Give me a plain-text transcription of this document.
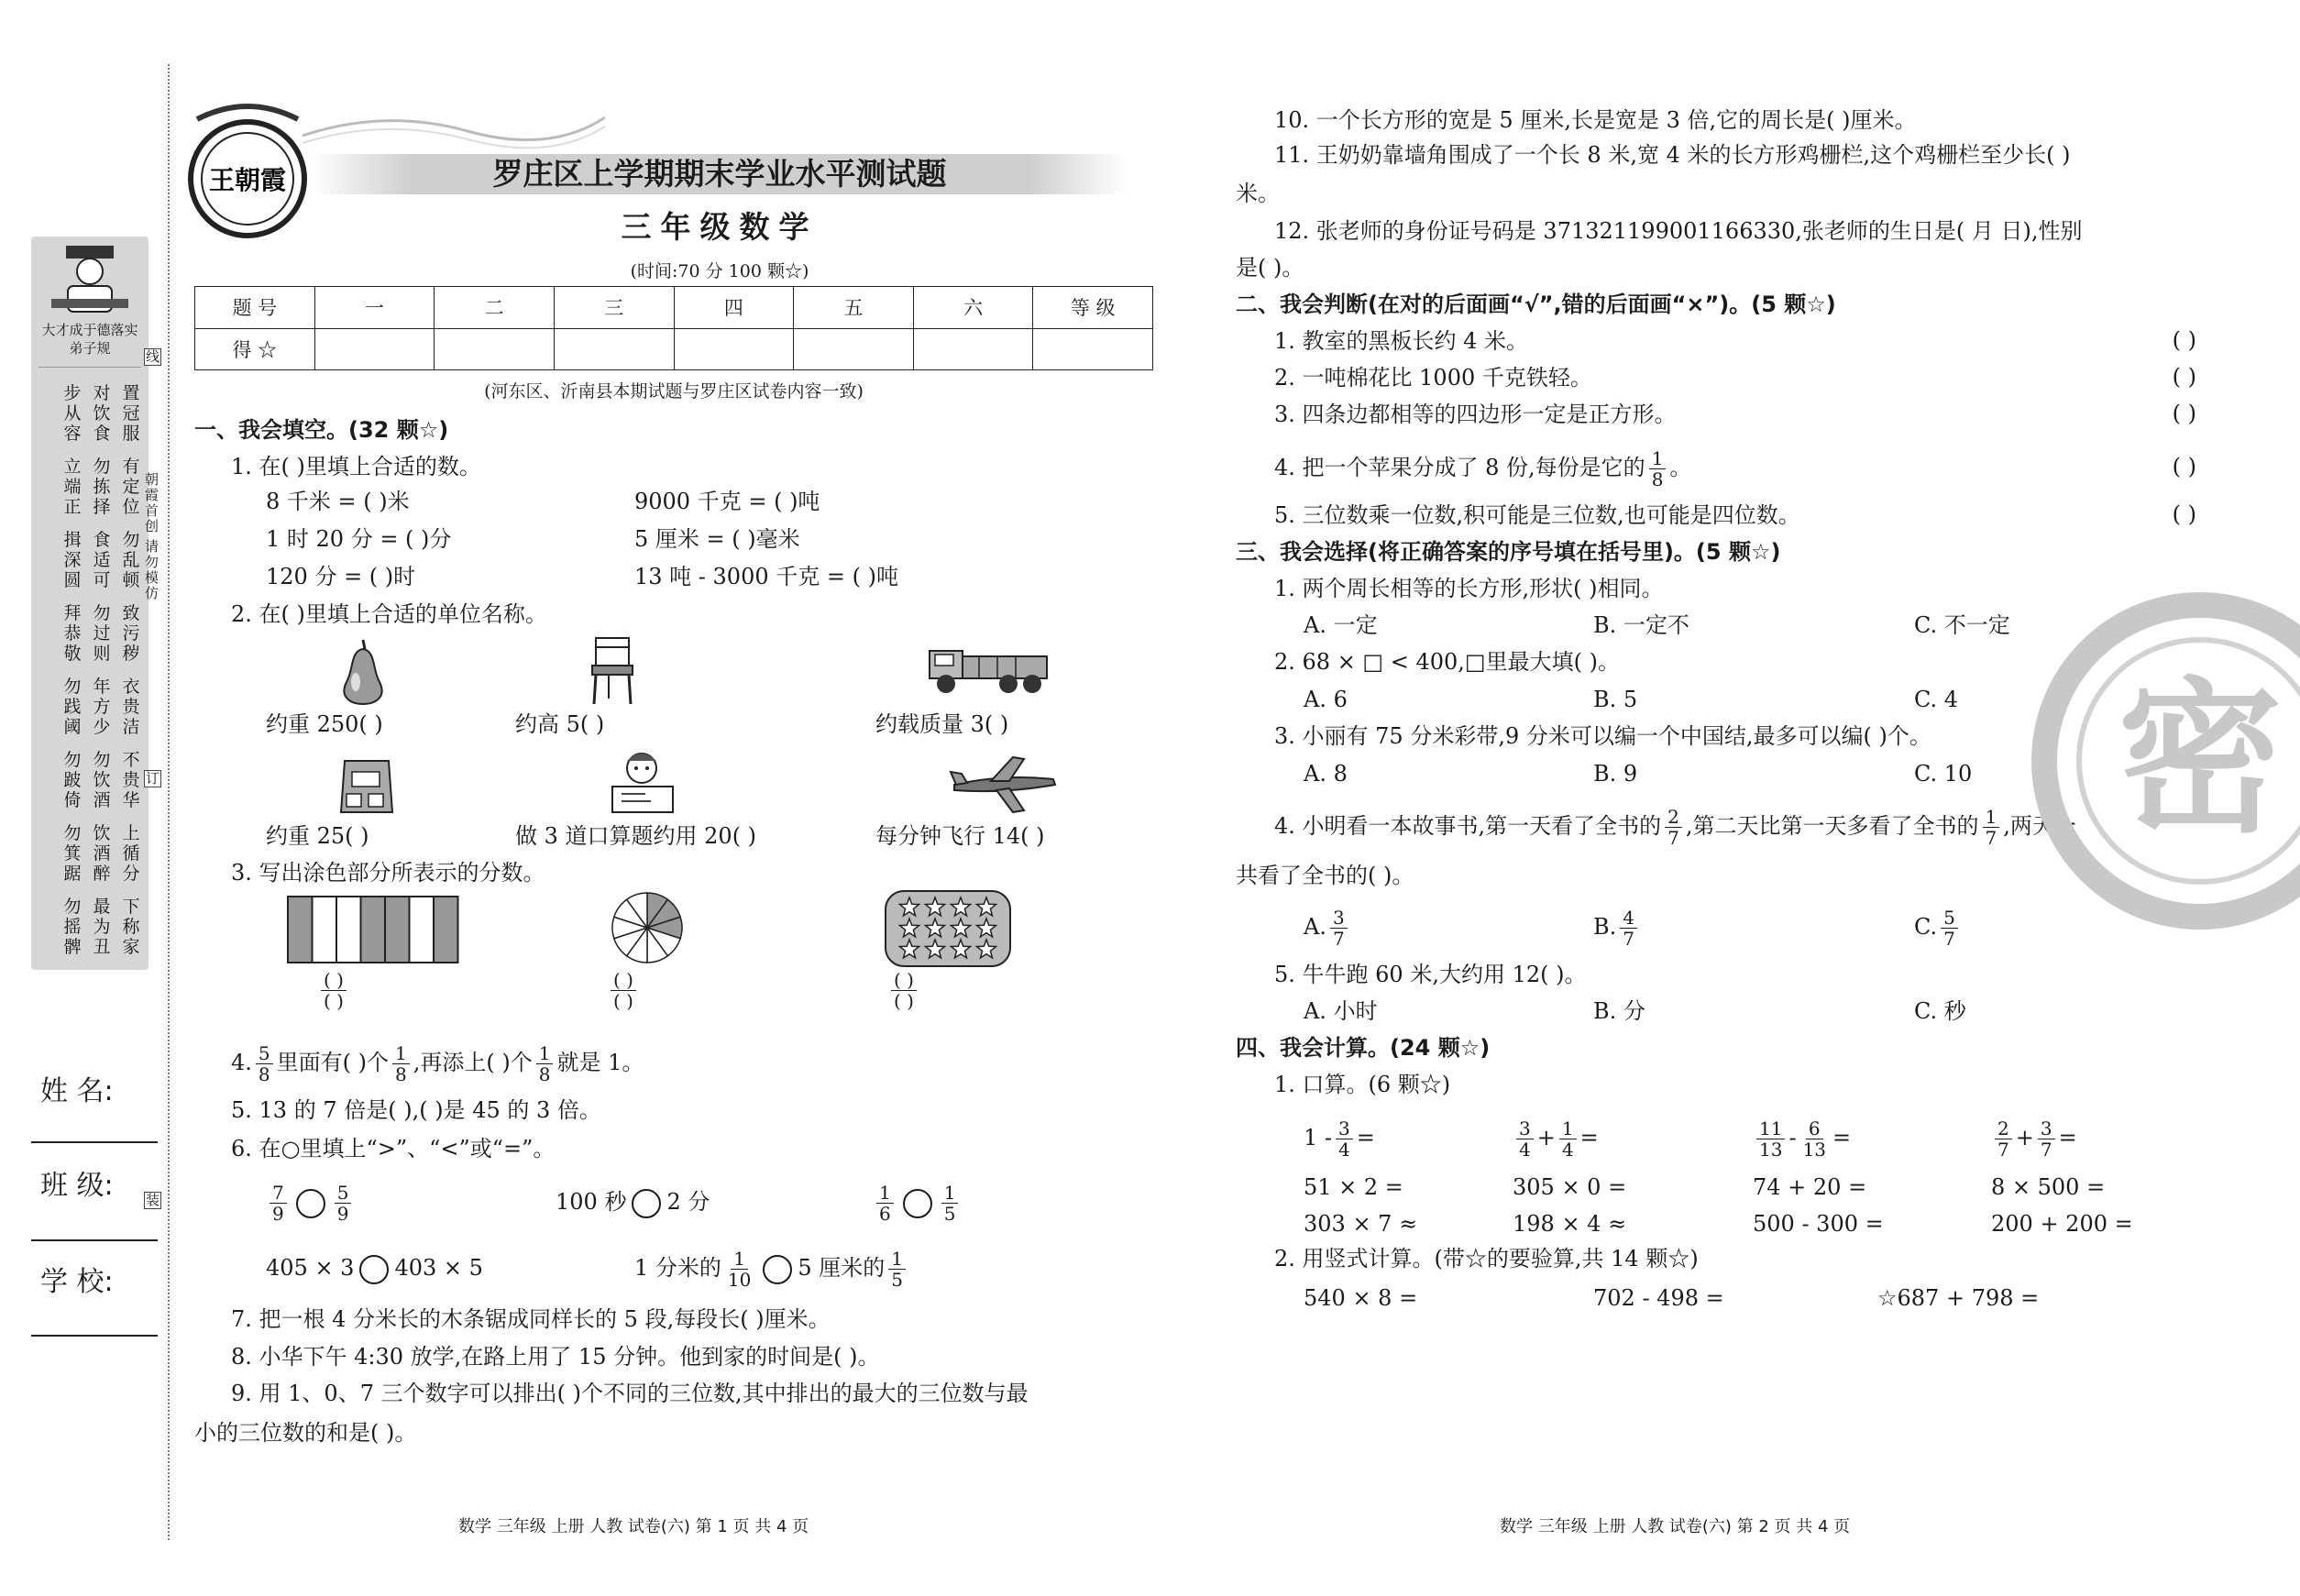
大才成于德落实弟子规
置冠服
对饮食
步从容
有定位
勿拣择
立端正
勿乱顿
食适可
揖深圆
致污秽
勿过则
拜恭敬
衣贵洁
年方少
勿践阈
不贵华
勿饮酒
勿跛倚
上循分
饮酒醉
勿箕踞
下称家
最为丑
勿摇髀
线
朝霞首创
请勿模仿
订
装
姓 名:
班 级:
学 校:
王朝霞	罗庄区上学期期末学业水平测试题
三年级数学
(时间:70 分 100 颗☆)
题 号	一	二	三	四	五	六	等 级
得 ☆							
(河东区、沂南县本期试题与罗庄区试卷内容一致)
一、我会填空。(32 颗☆)
1. 在( )里填上合适的数。
8 千米 = ( )米	9000 千克 = ( )吨
1 时 20 分 = ( )分	5 厘米 = ( )毫米
120 分 = ( )时	13 吨 - 3000 千克 = ( )吨
2. 在( )里填上合适的单位名称。
约重 250( )	约高 5( )	约载质量 3( )
约重 25( )	做 3 道口算题约用 20( )	每分钟飞行 14( )
3. 写出涂色部分所表示的分数。
$\frac{( )}{( )}$	$\frac{( )}{( )}$	$\frac{( )}{( )}$
4. $\frac{5}{8}$ 里面有( )个 $\frac{1}{8}$ ,再添上( )个 $\frac{1}{8}$ 就是 1。
5. 13 的 7 倍是( ),( )是 45 的 3 倍。
6. 在○里填上“>”、“<”或“=”。
$\frac{7}{9}$	$\frac{5}{9}$	100 秒 2 分	$\frac{1}{6}$	$\frac{1}{5}$
405 × 3 403 × 5	1 分米的 $\frac{1}{10} 5$ 厘米的 $\frac{1}{5}$
7. 把一根 4 分米长的木条锯成同样长的 5 段,每段长( )厘米。
8. 小华下午 4:30 放学,在路上用了 15 分钟。他到家的时间是( )。
9. 用 1、0、7 三个数字可以排出( )个不同的三位数,其中排出的最大的三位数与最
小的三位数的和是( )。
数学 三年级 上册 人教 试卷(六) 第 1 页 共 4 页
10. 一个长方形的宽是 5 厘米,长是宽是 3 倍,它的周长是( )厘米。
11. 王奶奶靠墙角围成了一个长 8 米,宽 4 米的长方形鸡栅栏,这个鸡栅栏至少长( )
米。
12. 张老师的身份证号码是 371321199001166330,张老师的生日是( 月 日),性别
是( )。
二、我会判断(在对的后面画“√”,错的后面画“×”)。(5 颗☆)
1. 教室的黑板长约 4 米。	( )
2. 一吨棉花比 1000 千克铁轻。	( )
3. 四条边都相等的四边形一定是正方形。	( )
4. 把一个苹果分成了 8 份,每份是它的 $\frac{1}{8}$ 。	( )
5. 三位数乘一位数,积可能是三位数,也可能是四位数。	( )
三、我会选择(将正确答案的序号填在括号里)。(5 颗☆)
1. 两个周长相等的长方形,形状( )相同。
A. 一定	B. 一定不	C. 不一定
2. 68 × □ < 400,□里最大填( )。
A. 6	B. 5	C. 4
3. 小丽有 75 分米彩带,9 分米可以编一个中国结,最多可以编( )个。
A. 8	B. 9	C. 10
4. 小明看一本故事书,第一天看了全书的 $\frac{2}{7}$ ,第二天比第一天多看了全书的 $\frac{1}{7}$ ,两天一
共看了全书的( )。
A. $\frac{3}{7}$	B. $\frac{4}{7}$	C. $\frac{5}{7}$
5. 牛牛跑 60 米,大约用 12( )。
A. 小时	B. 分	C. 秒
四、我会计算。(24 颗☆)
1. 口算。(6 颗☆)
$1 - \frac{3}{4}$ =	$\frac{3}{4} + \frac{1}{4}$ =	$\frac{11}{13} - \frac{6}{13}$ =	$\frac{2}{7} + \frac{3}{7}$ =
51 × 2 =	305 × 0 =	74 + 20 =	8 × 500 =
303 × 7 ≈	198 × 4 ≈	500 - 300 =	200 + 200 =
2. 用竖式计算。(带☆的要验算,共 14 颗☆)
540 × 8 =	702 - 498 =	☆687 + 798 =
数学 三年级 上册 人教 试卷(六) 第 2 页 共 4 页
密
